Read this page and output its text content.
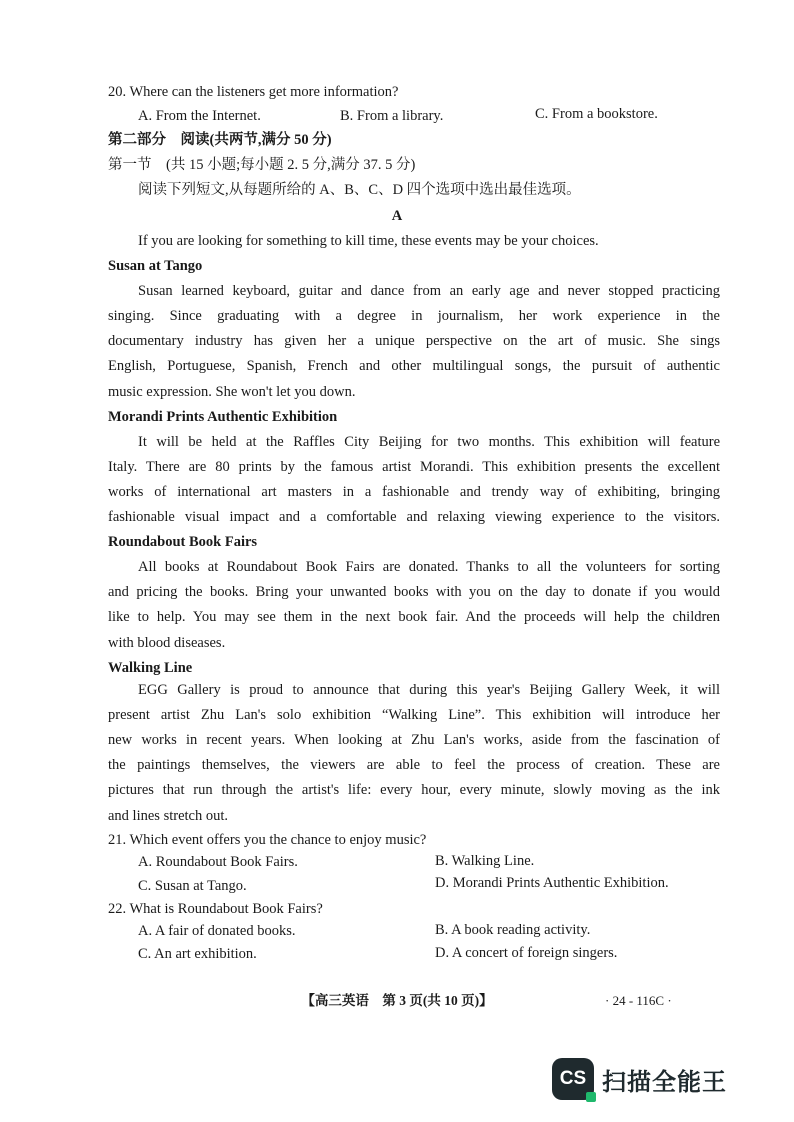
20. Where can the listeners get more information?
A. From the Internet.	B. From a library.	C. From a bookstore.
第二部分　阅读(共两节,满分 50 分)
第一节　(共 15 小题;每小题 2. 5 分,满分 37. 5 分)
阅读下列短文,从每题所给的 A、B、C、D 四个选项中选出最佳选项。
A
If you are looking for something to kill time, these events may be your choices.
Susan at Tango
Susan learned keyboard, guitar and dance from an early age and never stopped practicing
singing. Since graduating with a degree in journalism, her work experience in the
documentary industry has given her a unique perspective on the art of music. She sings
English, Portuguese, Spanish, French and other multilingual songs, the pursuit of authentic
music expression. She won't let you down.
Morandi Prints Authentic Exhibition
It will be held at the Raffles City Beijing for two months. This exhibition will feature
Italy. There are 80 prints by the famous artist Morandi. This exhibition presents the excellent
works of international art masters in a fashionable and trendy way of exhibiting, bringing
fashionable visual impact and a comfortable and relaxing viewing experience to the visitors.
Roundabout Book Fairs
All books at Roundabout Book Fairs are donated. Thanks to all the volunteers for sorting
and pricing the books. Bring your unwanted books with you on the day to donate if you would
like to help. You may see them in the next book fair. And the proceeds will help the children
with blood diseases.
Walking Line
EGG Gallery is proud to announce that during this year's Beijing Gallery Week, it will
present artist Zhu Lan's solo exhibition “Walking Line”. This exhibition will introduce her
new works in recent years. When looking at Zhu Lan's works, aside from the fascination of
the paintings themselves, the viewers are able to feel the process of creation. These are
pictures that run through the artist's life: every hour, every minute, slowly moving as the ink
and lines stretch out.
21. Which event offers you the chance to enjoy music?
A. Roundabout Book Fairs.	B. Walking Line.
C. Susan at Tango.	D. Morandi Prints Authentic Exhibition.
22. What is Roundabout Book Fairs?
A. A fair of donated books.	B. A book reading activity.
C. An art exhibition.	D. A concert of foreign singers.
【高三英语　第 3 页(共 10 页)】	· 24 - 116C ·
CS 扫描全能王
